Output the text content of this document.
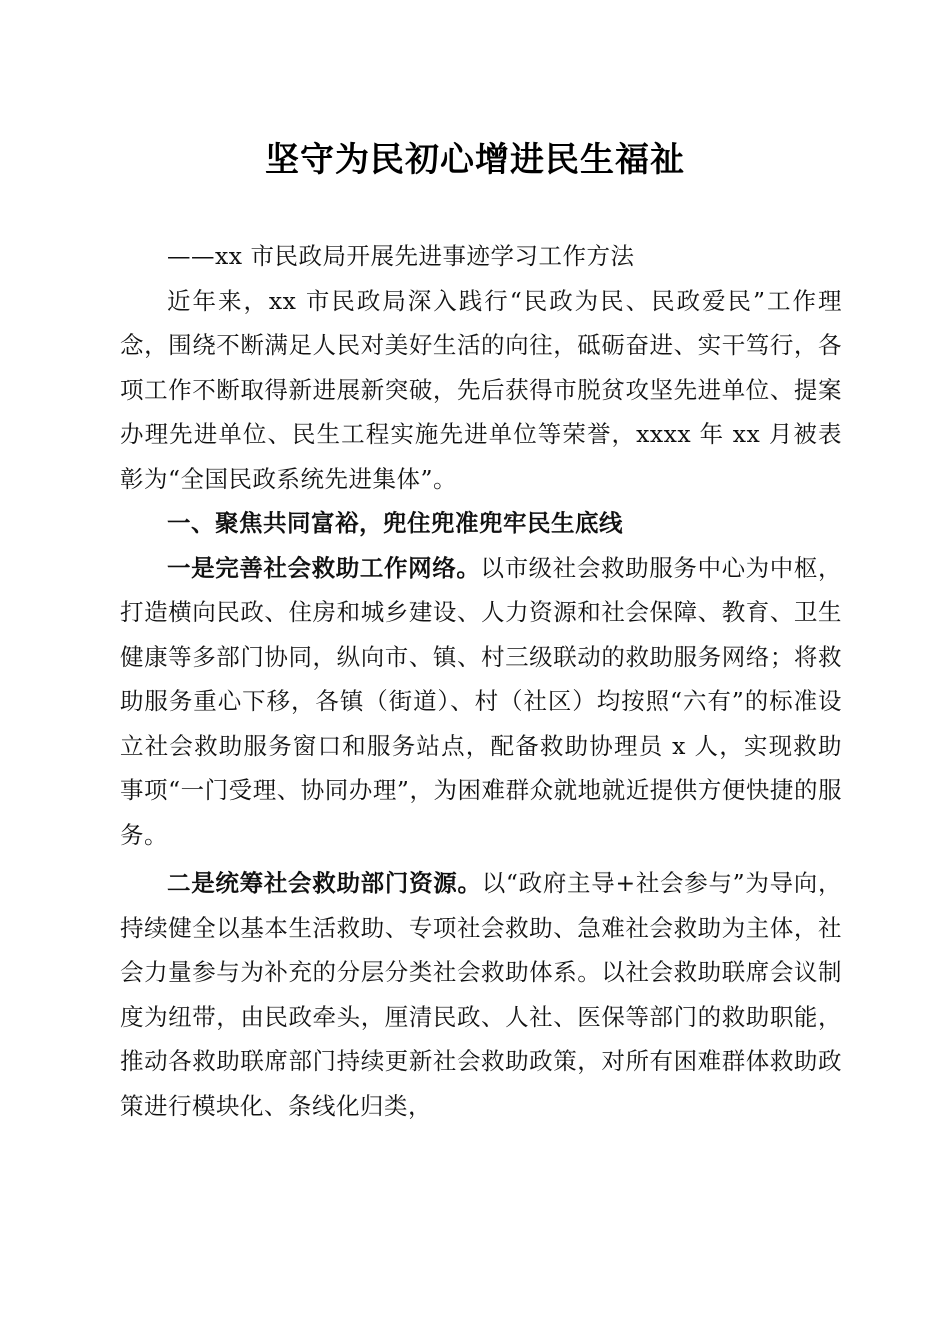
坚守为民初心增进民生福祉

——xx 市民政局开展先进事迹学习工作方法

近年来，xx 市民政局深入践行“民政为民、民政爱民”工作理念，围绕不断满足人民对美好生活的向往，砥砺奋进、实干笃行，各项工作不断取得新进展新突破，先后获得市脱贫攻坚先进单位、提案办理先进单位、民生工程实施先进单位等荣誉，xxxx 年 xx 月被表彰为“全国民政系统先进集体”。

一、聚焦共同富裕，兜住兜准兜牢民生底线

一是完善社会救助工作网络。以市级社会救助服务中心为中枢，打造横向民政、住房和城乡建设、人力资源和社会保障、教育、卫生健康等多部门协同，纵向市、镇、村三级联动的救助服务网络；将救助服务重心下移，各镇（街道）、村（社区）均按照“六有”的标准设立社会救助服务窗口和服务站点，配备救助协理员 x 人，实现救助事项“一门受理、协同办理”，为困难群众就地就近提供方便快捷的服务。

二是统筹社会救助部门资源。以“政府主导+社会参与”为导向，持续健全以基本生活救助、专项社会救助、急难社会救助为主体，社会力量参与为补充的分层分类社会救助体系。以社会救助联席会议制度为纽带，由民政牵头，厘清民政、人社、医保等部门的救助职能，推动各救助联席部门持续更新社会救助政策，对所有困难群体救助政策进行模块化、条线化归类，
